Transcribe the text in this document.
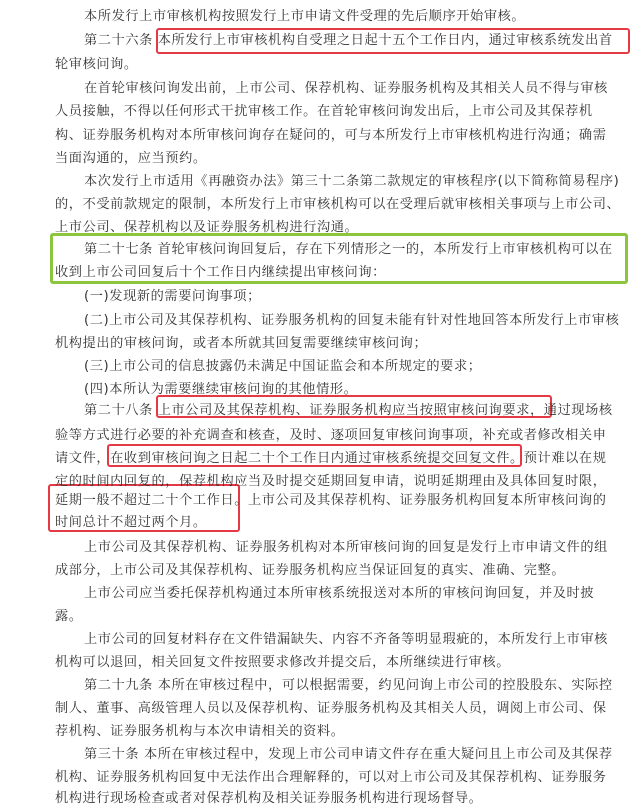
本所发行上市审核机构按照发行上市申请文件受理的先后顺序开始审核。

第二十六条 本所发行上市审核机构自受理之日起十五个工作日内，通过审核系统发出首

轮审核问询。

在首轮审核问询发出前，上市公司、保荐机构、证券服务机构及其相关人员不得与审核

人员接触，不得以任何形式干扰审核工作。在首轮审核问询发出后，上市公司及其保荐机

构、证券服务机构对本所审核问询存在疑问的，可与本所发行上市审核机构进行沟通；确需

当面沟通的，应当预约。

本次发行上市适用《再融资办法》第三十二条第二款规定的审核程序(以下简称简易程序)

的，不受前款规定的限制，本所发行上市审核机构可以在受理后就审核相关事项与上市公司、

上市公司、保荐机构以及证券服务机构进行沟通。

第二十七条 首轮审核问询回复后，存在下列情形之一的，本所发行上市审核机构可以在

收到上市公司回复后十个工作日内继续提出审核问询：

(一)发现新的需要问询事项；

(二)上市公司及其保荐机构、证券服务机构的回复未能有针对性地回答本所发行上市审核

机构提出的审核问询，或者本所就其回复需要继续审核问询；

(三)上市公司的信息披露仍未满足中国证监会和本所规定的要求；

(四)本所认为需要继续审核问询的其他情形。

第二十八条 上市公司及其保荐机构、证券服务机构应当按照审核问询要求，通过现场核

验等方式进行必要的补充调查和核查，及时、逐项回复审核问询事项，补充或者修改相关申

请文件，在收到审核问询之日起二十个工作日内通过审核系统提交回复文件。预计难以在规

定的时间内回复的，保荐机构应当及时提交延期回复申请，说明延期理由及具体回复时限，

延期一般不超过二十个工作日。上市公司及其保荐机构、证券服务机构回复本所审核问询的

时间总计不超过两个月。

上市公司及其保荐机构、证券服务机构对本所审核问询的回复是发行上市申请文件的组

成部分，上市公司及其保荐机构、证券服务机构应当保证回复的真实、准确、完整。

上市公司应当委托保荐机构通过本所审核系统报送对本所的审核问询回复，并及时披

露。

上市公司的回复材料存在文件错漏缺失、内容不齐备等明显瑕疵的，本所发行上市审核

机构可以退回，相关回复文件按照要求修改并提交后，本所继续进行审核。

第二十九条 本所在审核过程中，可以根据需要，约见问询上市公司的控股股东、实际控

制人、董事、高级管理人员以及保荐机构、证券服务机构及其相关人员，调阅上市公司、保

荐机构、证券服务机构与本次申请相关的资料。

第三十条 本所在审核过程中，发现上市公司申请文件存在重大疑问且上市公司及其保荐

机构、证券服务机构回复中无法作出合理解释的，可以对上市公司及其保荐机构、证券服务

机构进行现场检查或者对保荐机构及相关证券服务机构进行现场督导。
